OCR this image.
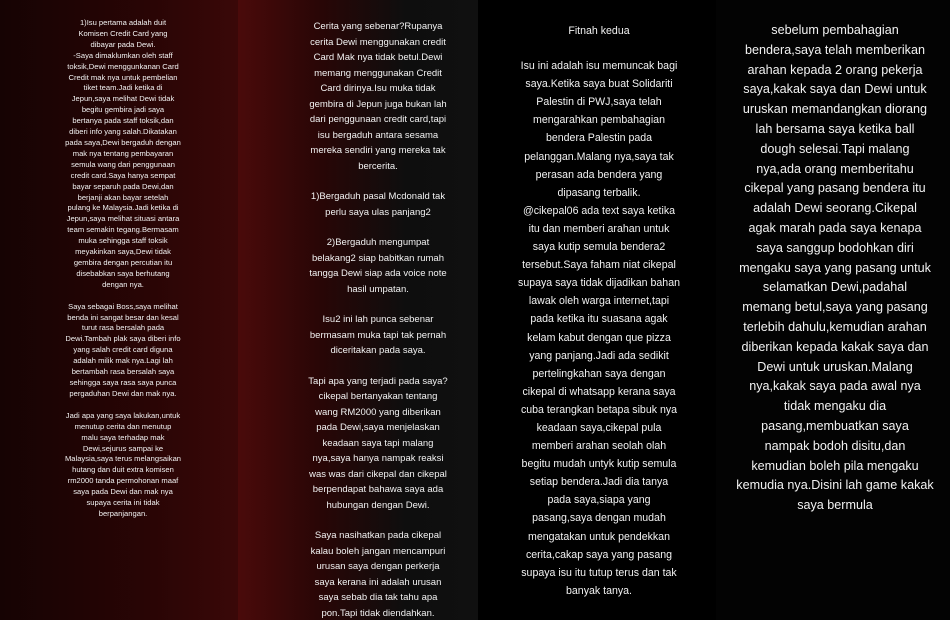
1)Isu pertama adalah duit
Komisen Credit Card yang
dibayar pada Dewi.
-Saya dimaklumkan oleh staff
toksik,Dewi menggunkanan Card
Credit mak nya untuk pembelian
tiket team.Jadi ketika di
Jepun,saya melihat Dewi tidak
begitu gembira jadi saya
bertanya pada staff toksik,dan
diberi info yang salah.Dikatakan
pada saya,Dewi bergaduh dengan
mak nya tentang pembayaran
semula wang dari penggunaan
credit card.Saya hanya sempat
bayar separuh pada Dewi,dan
berjanji akan bayar setelah
pulang ke Malaysia.Jadi ketika di
Jepun,saya melihat situasi antara
team semakin tegang.Bermasam
muka sehingga staff toksik
meyakinkan saya,Dewi tidak
gembira dengan percutian itu
disebabkan saya berhutang
dengan nya.

Saya sebagai Boss,saya melihat
benda ini sangat besar dan kesal
turut rasa bersalah pada
Dewi.Tambah plak saya diberi info
yang salah credit card diguna
adalah milik mak nya.Lagi lah
bertambah rasa bersalah saya
sehingga saya rasa saya punca
pergaduhan Dewi dan mak nya.

Jadi apa yang saya lakukan,untuk
menutup cerita dan menutup
malu saya terhadap mak
Dewi,sejurus sampai ke
Malaysia,saya terus melangsaikan
hutang dan duit extra komisen
rm2000 tanda permohonan maaf
saya pada Dewi dan mak nya
supaya cerita ini tidak
berpanjangan.

Cerita yang sebenar?Rupanya
cerita Dewi menggunakan credit
Card Mak nya tidak betul.Dewi
memang menggunakan Credit
Card dirinya.Isu muka tidak
gembira di Jepun juga bukan lah
dari penggunaan credit card,tapi
isu bergaduh antara sesama
mereka sendiri yang mereka tak
bercerita.

1)Bergaduh pasal Mcdonald tak
perlu saya ulas panjang2

2)Bergaduh mengumpat
belakang2 siap babitkan rumah
tangga Dewi siap ada voice note
hasil umpatan.

Isu2 ini lah punca sebenar
bermasam muka tapi tak pernah
diceritakan pada saya.

Tapi apa yang terjadi pada saya?
cikepal bertanyakan tentang
wang RM2000 yang diberikan
pada Dewi,saya menjelaskan
keadaan saya tapi malang
nya,saya hanya nampak reaksi
was was dari cikepal dan cikepal
berpendapat bahawa saya ada
hubungan dengan Dewi.

Saya nasihatkan pada cikepal
kalau boleh jangan mencampuri
urusan saya dengan perkerja
saya kerana ini adalah urusan
saya sebab dia tak tahu apa
pon.Tapi tidak diendahkan.

Fitnah kedua

Isu ini adalah isu memuncak bagi
saya.Ketika saya buat Solidariti
Palestin di PWJ,saya telah
mengarahkan pembahagian
bendera Palestin pada
pelanggan.Malang nya,saya tak
perasan ada bendera yang
dipasang terbalik.
@cikepal06 ada text saya ketika
itu dan memberi arahan untuk
saya kutip semula bendera2
tersebut.Saya faham niat cikepal
supaya saya tidak dijadikan bahan
lawak oleh warga internet,tapi
pada ketika itu suasana agak
kelam kabut dengan que pizza
yang panjang.Jadi ada sedikit
pertelingkahan saya dengan
cikepal di whatsapp kerana saya
cuba terangkan betapa sibuk nya
keadaan saya,cikepal pula
memberi arahan seolah olah
begitu mudah untyk kutip semula
setiap bendera.Jadi dia tanya
pada saya,siapa yang
pasang,saya dengan mudah
mengatakan untuk pendekkan
cerita,cakap saya yang pasang
supaya isu itu tutup terus dan tak
banyak tanya.

sebelum pembahagian
bendera,saya telah memberikan
arahan kepada 2 orang pekerja
saya,kakak saya dan Dewi untuk
uruskan memandangkan diorang
lah bersama saya ketika ball
dough selesai.Tapi malang
nya,ada orang memberitahu
cikepal yang pasang bendera itu
adalah Dewi seorang.Cikepal
agak marah pada saya kenapa
saya sanggup bodohkan diri
mengaku saya yang pasang untuk
selamatkan Dewi,padahal
memang betul,saya yang pasang
terlebih dahulu,kemudian arahan
diberikan kepada kakak saya dan
Dewi untuk uruskan.Malang
nya,kakak saya pada awal nya
tidak mengaku dia
pasang,membuatkan saya
nampak bodoh disitu,dan
kemudian boleh pila mengaku
kemudia nya.Disini lah game kakak
saya bermula
